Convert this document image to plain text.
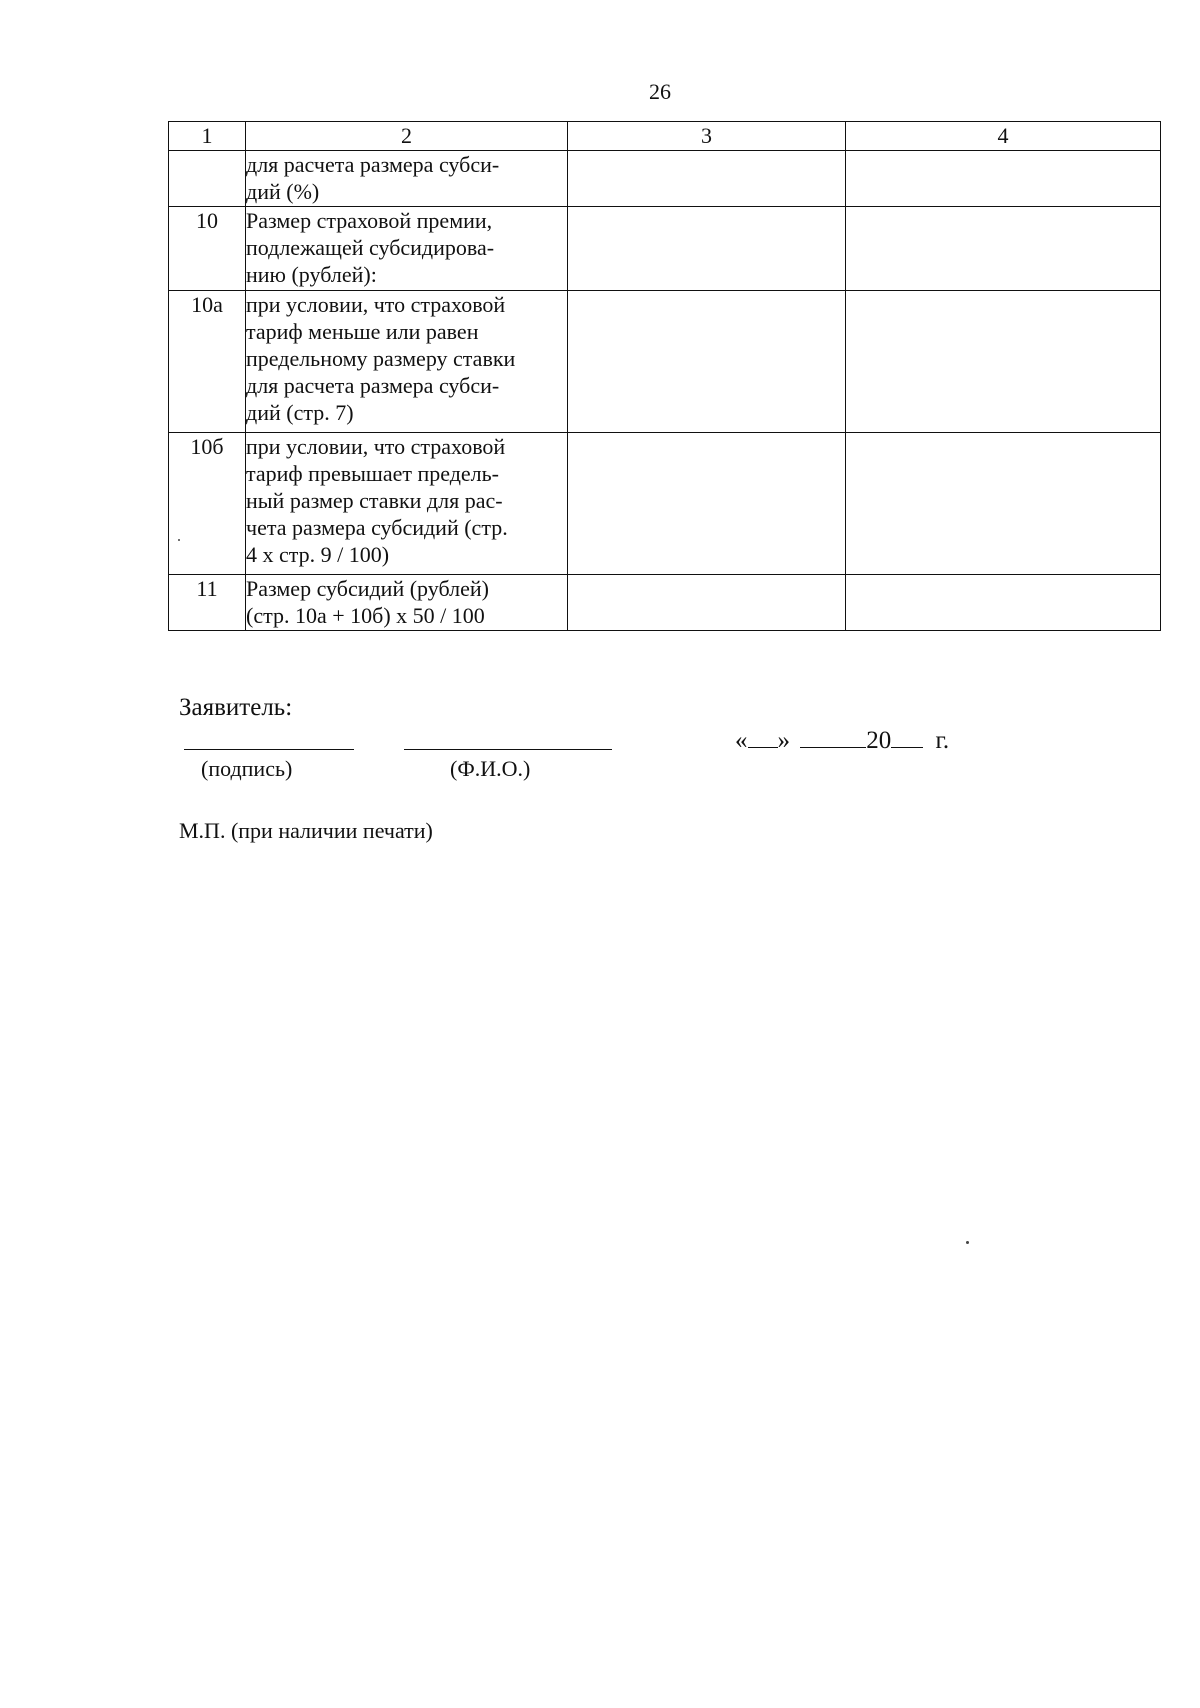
26
1	2	3	4

	для расчета размера субси-
дий (%)		

10	Размер страховой премии,
подлежащей субсидирова-
нию (рублей):		

10а	при условии, что страховой
тариф меньше или равен
предельному размеру ставки
для расчета размера субси-
дий (стр. 7)		

10б	при условии, что страховой
тариф превышает предель-
ный размер ставки для рас-
чета размера субсидий (стр.
4 х стр. 9 / 100)		

11	Размер субсидий (рублей)
(стр. 10а + 10б) х 50 / 100		

Заявитель:
(подпись)	(Ф.И.О.)
« »	20 г.
М.П. (при наличии печати)
